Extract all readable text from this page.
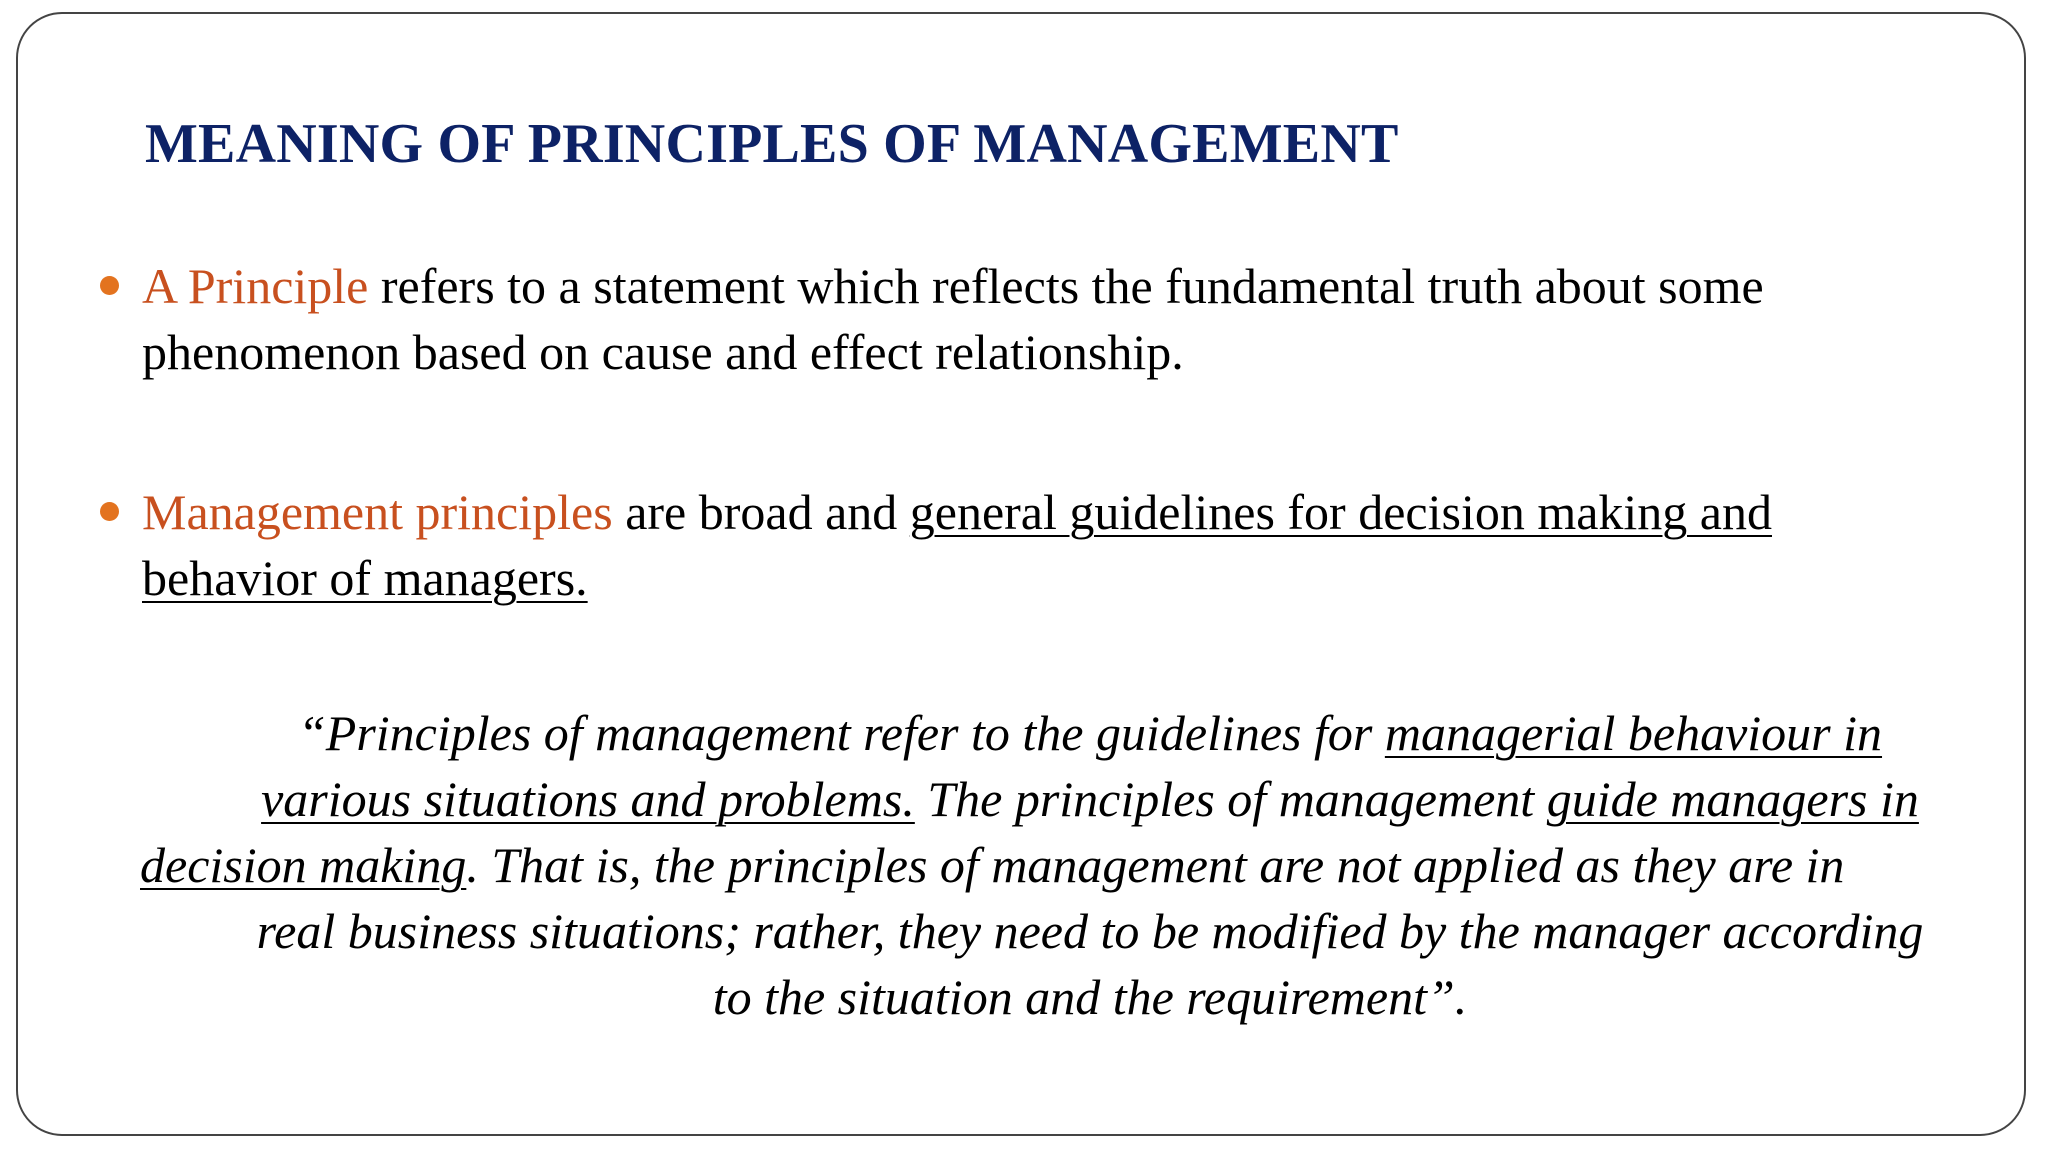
MEANING OF PRINCIPLES OF MANAGEMENT
A Principle refers to a statement which reflects the fundamental truth about some
phenomenon based on cause and effect relationship.
Management principles are broad and general guidelines for decision making and
behavior of managers.
“Principles of management refer to the guidelines for managerial behaviour in
various situations and problems. The principles of management guide managers in
decision making. That is, the principles of management are not applied as they are in
real business situations; rather, they need to be modified by the manager according
to the situation and the requirement”.
